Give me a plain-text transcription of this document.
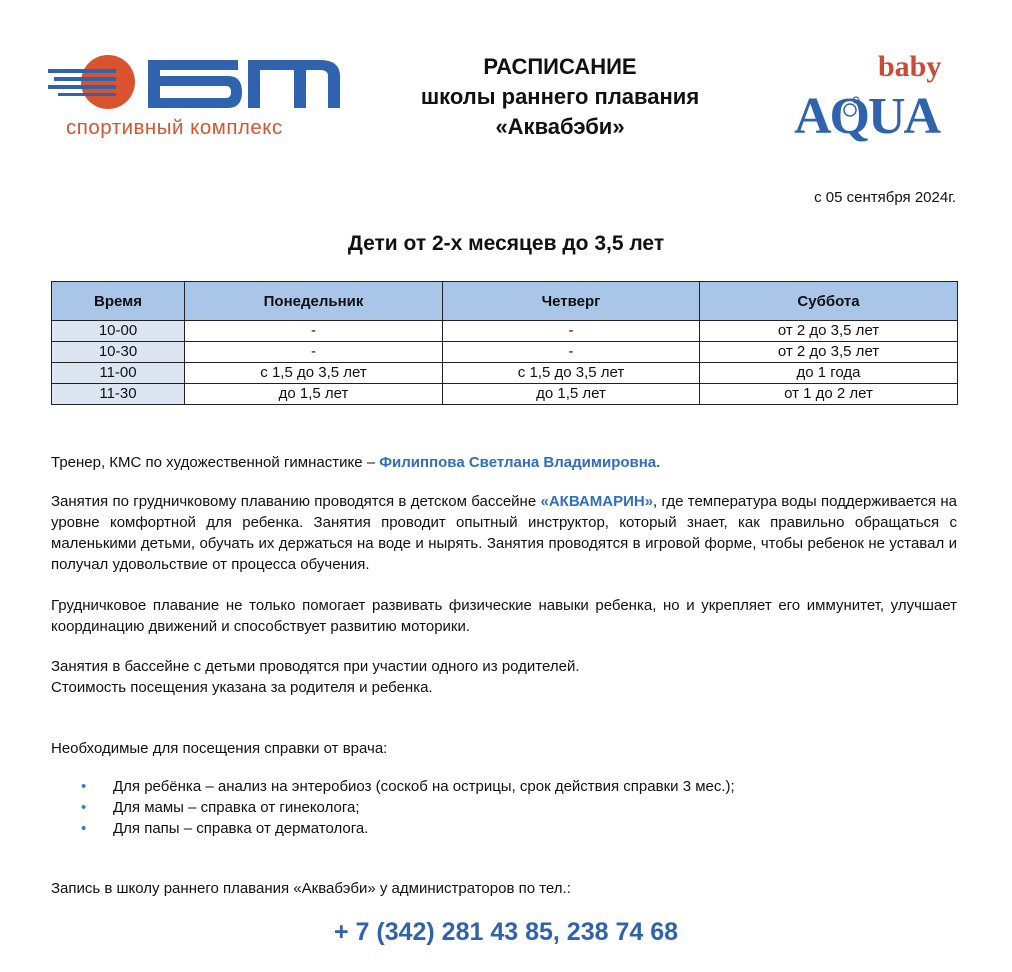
спортивный комплекс
РАСПИСАНИЕ
школы раннего плавания
«Аквабэби»
baby
AQUA
с 05 сентября 2024г.
Дети от 2-х месяцев до 3,5 лет
Время	Понедельник	Четверг	Суббота
10-00	-	-	от 2 до 3,5 лет
10-30	-	-	от 2 до 3,5 лет
11-00	с 1,5 до 3,5 лет	с 1,5 до 3,5 лет	до 1 года
11-30	до 1,5 лет	до 1,5 лет	от 1 до 2 лет
Тренер, КМС по художественной гимнастике – Филиппова Светлана Владимировна.
Занятия по грудничковому плаванию проводятся в детском бассейне «АКВАМАРИН», где температура воды поддерживается на уровне комфортной для ребенка. Занятия проводит опытный инструктор, который знает, как правильно обращаться с маленькими детьми, обучать их держаться на воде и нырять. Занятия проводятся в игровой форме, чтобы ребенок не уставал и получал удовольствие от процесса обучения.
Грудничковое плавание не только помогает развивать физические навыки ребенка, но и укрепляет его иммунитет, улучшает координацию движений и способствует развитию моторики.
Занятия в бассейне с детьми проводятся при участии одного из родителей.
Стоимость посещения указана за родителя и ребенка.
Необходимые для посещения справки от врача:
• Для ребёнка – анализ на энтеробиоз (соскоб на острицы, срок действия справки 3 мес.);
• Для мамы – справка от гинеколога;
• Для папы – справка от дерматолога.
Запись в школу раннего плавания «Аквабэби» у администраторов по тел.:
+ 7 (342) 281 43 85, 238 74 68
